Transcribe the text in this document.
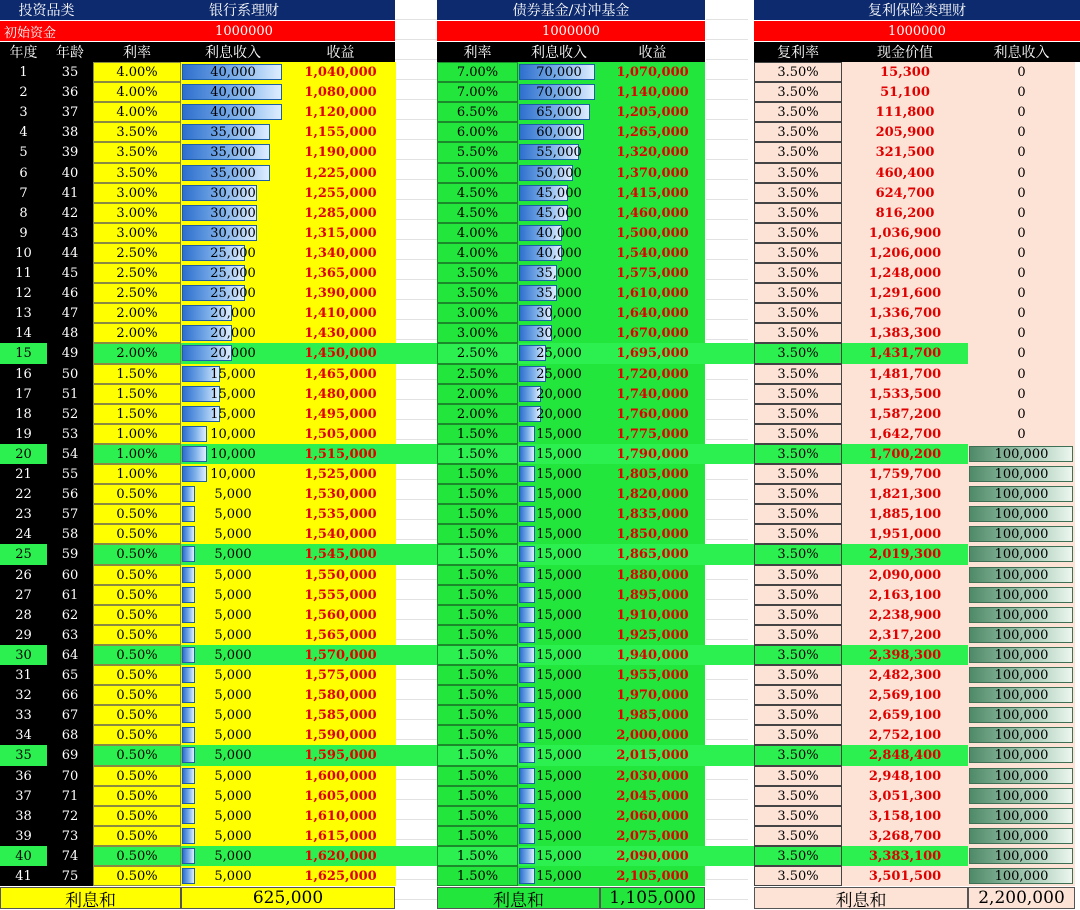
投资品类	银行系理财	债券基金/对冲基金	复利保险类理财
初始资金	1000000	1000000	1000000
年度 年龄	利率	利息收入	收益	利率	利息收入	收益	复利率	现金价值	利息收入
1	35	4.00%	40,000	1,040,000	7.00%	70,000	1,070,000	3.50%	15,300	0
2	36	4.00%	40,000	1,080,000	7.00%	70,000	1,140,000	3.50%	51,100	0
3	37	4.00%	40,000	1,120,000	6.50%	65,000	1,205,000	3.50%	111,800	0
4	38	3.50%	35,000	1,155,000	6.00%	60,000	1,265,000	3.50%	205,900	0
5	39	3.50%	35,000	1,190,000	5.50%	55,000	1,320,000	3.50%	321,500	0
6	40	3.50%	35,000	1,225,000	5.00%	50,000	1,370,000	3.50%	460,400	0
7	41	3.00%	30,000	1,255,000	4.50%	45,000	1,415,000	3.50%	624,700	0
8	42	3.00%	30,000	1,285,000	4.50%	45,000	1,460,000	3.50%	816,200	0
9	43	3.00%	30,000	1,315,000	4.00%	40,000	1,500,000	3.50%	1,036,900	0
10 44	2.50%	25,000	1,340,000	4.00%	40,000	1,540,000	3.50%	1,206,000	0
11 45	2.50%	25,000	1,365,000	3.50%	35,000	1,575,000	3.50%	1,248,000	0
12 46	2.50%	25,000	1,390,000	3.50%	35,000	1,610,000	3.50%	1,291,600	0
13 47	2.00%	20,000	1,410,000	3.00%	30,000	1,640,000	3.50%	1,336,700	0
14 48	2.00%	20,000	1,430,000	3.00%	30,000	1,670,000	3.50%	1,383,300	0
15 49	2.00%	20,000	1,450,000	2.50%	25,000	1,695,000	3.50%	1,431,700	0
16 50	1.50%	15,000	1,465,000	2.50%	25,000	1,720,000	3.50%	1,481,700	0
17 51	1.50%	15,000	1,480,000	2.00%	20,000	1,740,000	3.50%	1,533,500	0
18 52	1.50%	15,000	1,495,000	2.00%	20,000	1,760,000	3.50%	1,587,200	0
19 53	1.00%	10,000	1,505,000	1.50%	15,000	1,775,000	3.50%	1,642,700	0
20 54	1.00%	10,000	1,515,000	1.50%	15,000	1,790,000	3.50%	1,700,200	100,000
21 55	1.00%	10,000	1,525,000	1.50%	15,000	1,805,000	3.50%	1,759,700	100,000
22 56	0.50%	5,000	1,530,000	1.50%	15,000	1,820,000	3.50%	1,821,300	100,000
23 57	0.50%	5,000	1,535,000	1.50%	15,000	1,835,000	3.50%	1,885,100	100,000
24 58	0.50%	5,000	1,540,000	1.50%	15,000	1,850,000	3.50%	1,951,000	100,000
25 59	0.50%	5,000	1,545,000	1.50%	15,000	1,865,000	3.50%	2,019,300	100,000
26 60	0.50%	5,000	1,550,000	1.50%	15,000	1,880,000	3.50%	2,090,000	100,000
27 61	0.50%	5,000	1,555,000	1.50%	15,000	1,895,000	3.50%	2,163,100	100,000
28 62	0.50%	5,000	1,560,000	1.50%	15,000	1,910,000	3.50%	2,238,900	100,000
29 63	0.50%	5,000	1,565,000	1.50%	15,000	1,925,000	3.50%	2,317,200	100,000
30 64	0.50%	5,000	1,570,000	1.50%	15,000	1,940,000	3.50%	2,398,300	100,000
31 65	0.50%	5,000	1,575,000	1.50%	15,000	1,955,000	3.50%	2,482,300	100,000
32 66	0.50%	5,000	1,580,000	1.50%	15,000	1,970,000	3.50%	2,569,100	100,000
33 67	0.50%	5,000	1,585,000	1.50%	15,000	1,985,000	3.50%	2,659,100	100,000
34 68	0.50%	5,000	1,590,000	1.50%	15,000	2,000,000	3.50%	2,752,100	100,000
35 69	0.50%	5,000	1,595,000	1.50%	15,000	2,015,000	3.50%	2,848,400	100,000
36 70	0.50%	5,000	1,600,000	1.50%	15,000	2,030,000	3.50%	2,948,100	100,000
37 71	0.50%	5,000	1,605,000	1.50%	15,000	2,045,000	3.50%	3,051,300	100,000
38 72	0.50%	5,000	1,610,000	1.50%	15,000	2,060,000	3.50%	3,158,100	100,000
39 73	0.50%	5,000	1,615,000	1.50%	15,000	2,075,000	3.50%	3,268,700	100,000
40 74	0.50%	5,000	1,620,000	1.50%	15,000	2,090,000	3.50%	3,383,100	100,000
41 75	0.50%	5,000	1,625,000	1.50%	15,000	2,105,000	3.50%	3,501,500	100,000
利息和	625,000	利息和	1,105,000	利息和	2,200,000
